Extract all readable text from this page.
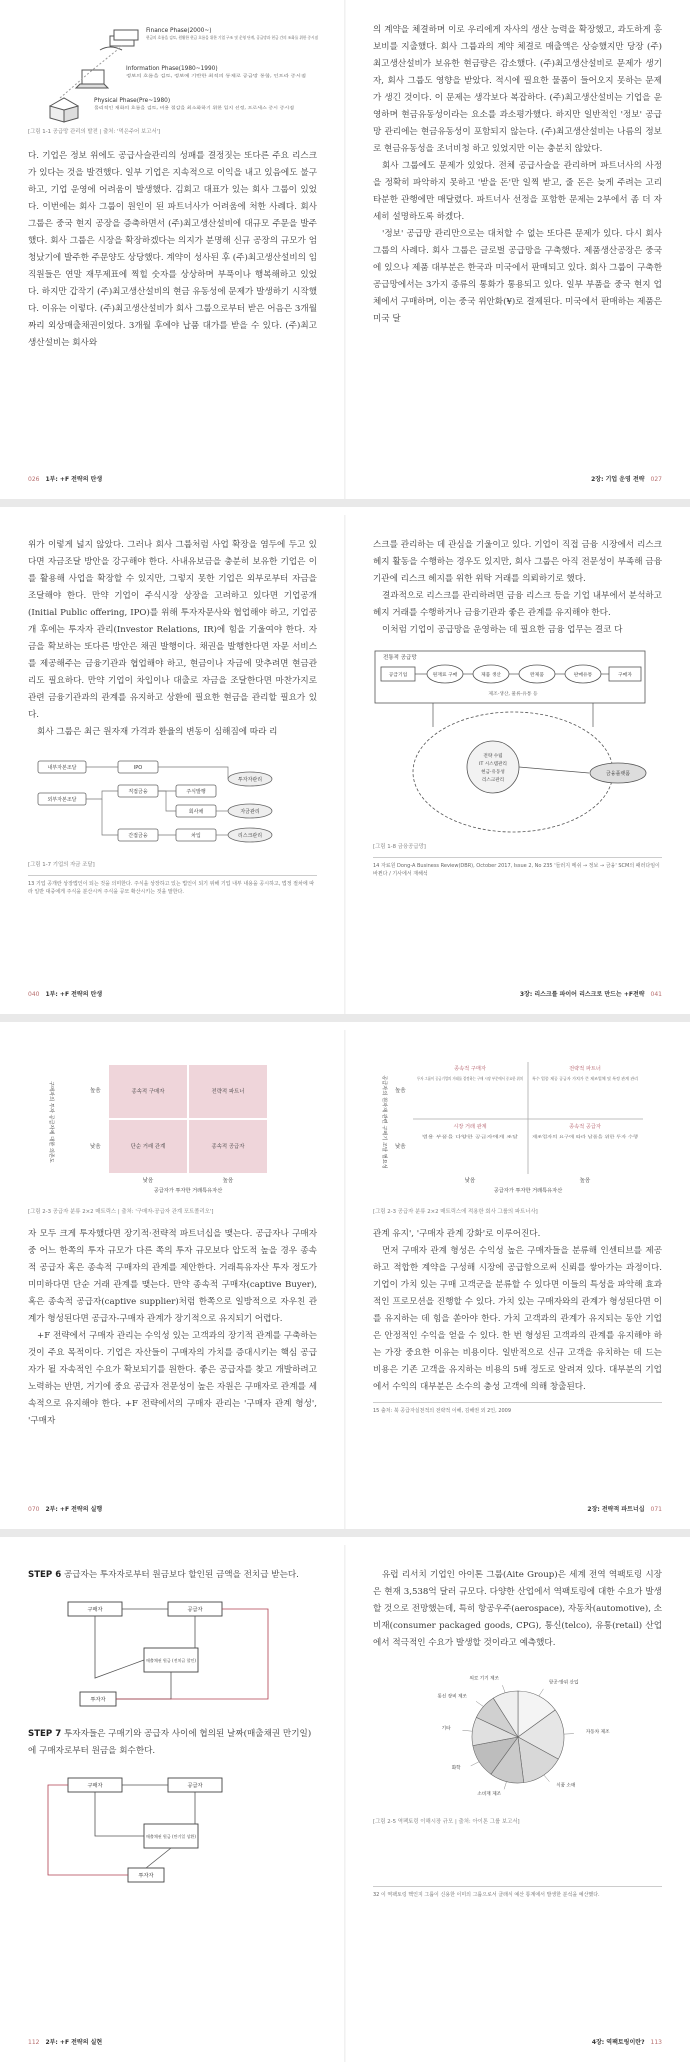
Finance Phase(2000~)
현금의 흐름을 검토, 원활한 현금 흐름을 위한 기업 구조 및 운영 단계, 공급망과 현금 간의 조화를 위한 중시점
Information Phase(1980~1990)
정보의 흐름을 검토, 정보에 기반한 최적의 통제로 공급망 통합, 인프라 중시점
Physical Phase(Pre~1980)
물리적인 재화의 흐름을 검토, 비용 절감을 최소화하기 위한 입지 선정, 프로세스 중시 중시점
[그림 1-1 공급망 관리의 발전 | 출처: '먹은주어 보고서']

다. 기업은 정보 위에도 공급사슬관리의 성패를 결정짓는 또다른 주요 리스크가 있다는 것을 발견했다. 일부 기업은 지속적으로 이익을 내고 있음에도 불구하고, 기업 운영에 어려움이 발생했다. 김회고 대표가 있는 회사 그룹이 있었다. 이번에는 회사 그룹이 원인이 된 파트너사가 어려움에 처한 사례다. 회사 그룹은 중국 현지 공장을 증축하면서 (주)최고생산설비에 대규모 주문을 발주했다. 회사 그룹은 시장을 확장하겠다는 의지가 분명해 신규 공장의 규모가 엄청났기에 발주한 주문양도 상당했다. 계약이 성사된 후 (주)최고생산설비의 임직원들은 연말 재무제표에 찍힐 숫자를 상상하며 부푹이나 행복해하고 있었다. 하지만 갑작기 (주)최고생산설비의 현금 유동성에 문제가 발생하기 시작했다. 이유는 이렇다. (주)최고생산설비가 회사 그룹으로부터 받은 어음은 3개월짜리 외상매출채권이었다. 3개월 후에야 납품 대가를 받을 수 있다. (주)최고생산설비는 회사와

026 1부: +F 전략의 탄생

의 계약을 체결하며 이로 우리에게 자사의 생산 능력을 확장했고, 과도하게 홍보비를 지출했다. 회사 그룹과의 계약 체결로 매출액은 상승했지만 당장 (주)최고생산설비가 보유한 현금량은 감소했다. (주)최고생산설비로 문제가 생기자, 회사 그룹도 영향을 받았다. 적시에 필요한 물품이 들어오지 못하는 문제가 생긴 것이다. 이 문제는 생각보다 복잡하다. (주)최고생산설비는 기업을 운영하며 현금유동성이라는 요소를 과소평가했다. 하지만 일반적인 '정보' 공급망 관리에는 현금유동성이 포함되지 않는다. (주)최고생산설비는 나름의 정보로 현금유동성을 조너비청 하고 있었지만 이는 충분치 않았다.

회사 그룹에도 문제가 있었다. 전체 공급사슬을 관리하며 파트너사의 사정을 정확히 파악하지 못하고 '받을 돈'만 일찍 받고, 줄 돈은 늦게 주려는 고리타분한 관행에만 매달렸다. 파트너사 선정을 포함한 문제는 2부에서 좀 더 자세히 설명하도록 하겠다.

'정보' 공급망 관리만으로는 대처할 수 없는 또다른 문제가 있다. 다시 회사 그룹의 사례다. 회사 그룹은 글로벌 공급망을 구축했다. 제품생산공장은 중국에 있으나 제품 대부분은 한국과 미국에서 판매되고 있다. 회사 그룹이 구축한 공급망에서는 3가지 종류의 통화가 통용되고 있다. 일부 부품을 중국 현지 업체에서 구매하며, 이는 중국 위안화(¥)로 결제된다. 미국에서 판매하는 제품은 미국 달

2장: 기업 운영 전략 027

위가 이렇게 넓지 않았다. 그러나 회사 그룹처럼 사업 확장을 염두에 두고 있다면 자금조달 방안을 강구해야 한다. 사내유보금을 충분히 보유한 기업은 이를 활용해 사업을 확장할 수 있지만, 그렇지 못한 기업은 외부로부터 자금을 조달해야 한다. 만약 기업이 주식시장 상장을 고려하고 있다면 기업공개(Initial Public offering, IPO)를 위해 투자자문사와 협업해야 하고, 기업공개 후에는 투자자 관리(Investor Relations, IR)에 힘을 기울여야 한다. 자금을 확보하는 또다른 방안은 채권 발행이다. 채권을 발행한다면 자문 서비스를 제공해주는 금융기관과 협업해야 하고, 현금이나 자금에 맞추려면 현금관리도 필요하다. 만약 기업이 차입이나 대출로 자금을 조달한다면 마찬가지로 관련 금융기관과의 관계를 유지하고 상환에 필요한 현금을 관리할 필요가 있다.

회사 그룹은 최근 원자재 가격과 환율의 변동이 심해짐에 따라 리

내부자본조달
외부자본조달
IPO
직접금융	주식발행
회사채
투자자관리
간접금융	차입
자금관리
리스크관리
[그림 1-7 기업의 자금 조달]
13 기업 공개란 상장법인이 되는 것을 의미한다. 주식을 상장하고 있는 법인이 되기 위해 기업 내부 내용을 공시하고, 법정 절차에 따라 일반 대중에게 주식을 분산시켜 주식을 공모 확산시키는 것을 말한다.
040 1부: +F 전략의 탄생

스크를 관리하는 데 관심을 기울이고 있다. 기업이 직접 금융 시장에서 리스크 헤지 활동을 수행하는 경우도 있지만, 회사 그룹은 아직 전문성이 부족해 금융기관에 리스크 헤지를 위한 위탁 거래를 의뢰하기로 했다.

결과적으로 리스크를 관리하려면 금융 리스크 등을 기업 내부에서 분석하고 헤지 거래를 수행하거나 금융기관과 좋은 관계를 유지해야 한다.

이처럼 기업이 공급망을 운영하는 데 필요한 금융 업무는 결코 다

전통적 공급망
공급기업	원재료 구매	제품 생산	완제품	판매유통	구매자
제조·생산, 물류·유통 등
전략 수립
IT 시스템관리
현금·유동성
리스크관리
금융플랫폼
[그림 1-8 금융공급망]
14 자료원 Dong-A Business Review(DBR), October 2017, Issue 2, No 235 '들러지 메쉬 → 정보 → 금융' SCM의 패러다임이 바뀐다 / 기사에서 재해석
3장: 리스크를 파이어 리스크로 만드는 +F전략 041
구매자의 투자 공급자에 대한 의존도	높음
낮음
종속적 구매자	전략적 파트너
단순 거래 관계	종속적 공급자
낮음	높음
공급자가 투자한 거래특유자산
[그림 2-3 공급자 분류 2×2 매트릭스 | 출처: '구매자-공급자 관계 포트폴리오']

자 모두 크게 투자했다면 장기적·전략적 파트너십을 맺는다. 공급자나 구매자 중 어느 한쪽의 투자 규모가 다른 쪽의 투자 규모보다 압도적 높을 경우 종속적 공급자 혹은 종속적 구매자의 관계를 제안한다. 거래특유자산 투자 정도가 미미하다면 단순 거래 관계를 맺는다. 만약 종속적 구매자(captive Buyer), 혹은 종속적 공급자(captive supplier)처럼 한쪽으로 일방적으로 자우친 관계가 형성된다면 공급자-구매자 관계가 장기적으로 유지되기 어렵다.

+F 전략에서 구매자 관리는 수익성 있는 고객과의 장기적 관계를 구축하는 것이 주요 목적이다. 기업은 자산들이 구매자의 가치를 증대시키는 핵심 공급자가 될 자속적인 수요가 확보되기를 원한다. 좋은 공급자를 찾고 개발하려고 노력하는 반면, 거기에 중요 공급자 전문성이 높은 자원은 구매자로 관계를 세속적으로 유지해야 한다. +F 전략에서의 구매자 관리는 '구매자 관계 형성', '구매자

070 2부: +F 전략의 실행
공급자의 원자재 관련 구매기 조달 필요성	높음
낮음
종속적 구매자	전략적 파트너
시장 거래 관계	종속적 공급자
투자 그룹이 공급기업의 거래를 결정하는 구매 시장 부문에서 중요한 위치 특수 업종 제공 공급자 가치가 큰 제조업체 및 특정 관계 관리
범용 부품을 다양한 공급자에게 조달	제조업자의 요구에 따라 납품을 위한 투자 수행
낮음	높음
공급자가 투자한 거래특유자산
[그림 2-3 공급자 분류 2×2 매트릭스에 적용한 회사 그룹의 파트너사]

관계 유지', '구매자 관계 강화'로 이루어진다.

먼저 구매자 관계 형성은 수익성 높은 구매자들을 분류해 인센티브를 제공하고 적합한 계약을 구성해 시장에 공급함으로써 신뢰를 쌓아가는 과정이다. 기업이 가치 있는 구매 고객군을 분류할 수 있다면 이들의 특성을 파악해 효과적인 프로모션을 진행할 수 있다. 가치 있는 구매자와의 관계가 형성된다면 이를 유지하는 데 힘을 쏟아야 한다. 가치 고객과의 관계가 유지되는 동안 기업은 안정적인 수익을 얻을 수 있다. 한 번 형성된 고객과의 관계를 유지해야 하는 가장 중요한 이유는 비용이다. 일반적으로 신규 고객을 유치하는 데 드는 비용은 기존 고객을 유지하는 비용의 5배 정도로 알려져 있다. 대부분의 기업에서 수익의 대부분은 소수의 충성 고객에 의해 창출된다.

15 출처: 북 공급자실천적의 전략적 이해, 김해권 외 2인, 2009
2장: 전략적 파트너십 071
STEP 6 공급자는 투자자로부터 원금보다 할인된 금액을 전치급 받는다.
구매자	공급자
투자자
매출채권 원금 (전치급 할인)
STEP 7 투자자들은 구매기와 공급자 사이에 협의된 날짜(매출채권 만기일)에 구매자로부터 원금을 회수한다.
구매자	공급자
투자자
매출채권 원금 (만기일 상환)
112 2부: +F 전략의 실현

유럽 리서치 기업인 아이톤 그룹(Aite Group)은 세계 전역 역팩토링 시장은 현재 3,538억 달러 규모다. 다양한 산업에서 역팩토링에 대한 수요가 발생할 것으로 전망했는데, 특히 항공우주(aerospace), 자동차(automotive), 소비재(consumer packaged goods, CPG), 통신(telco), 유통(retail) 산업에서 적극적인 수요가 발생할 것이라고 예측했다.

항공·방위 산업
자동차 제조
식품 소매
소비재 제조
화학
기타
통신 장비 제조
의료 기기 제조
[그림 2-5 역팩토링 이해시장 규모 | 출처: 아이톤 그룹 보고서]
32 이 역팩토링 핵인지 그룹이 신용한 이미의 그룹으로서 클래식 예산 통계에서 발생한 분석을 예산했다.
4장: 역팩토링이란? 113
